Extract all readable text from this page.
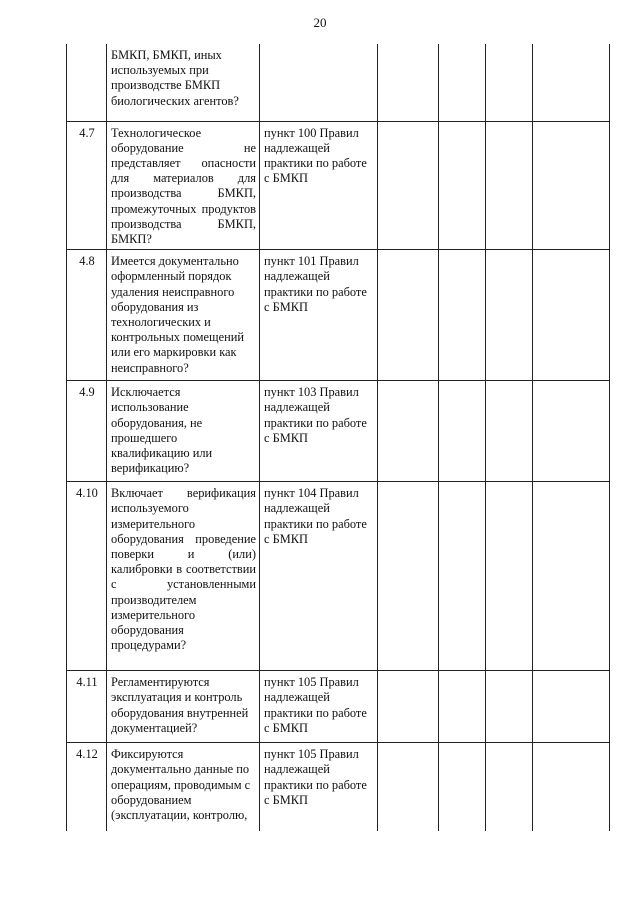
20
	БМКП, БМКП, иных используемых при производстве БМКП биологических агентов?					
4.7	Технологическое оборудование не представляет опасности для материалов для производства БМКП, промежуточных продуктов производства БМКП, БМКП?	пункт 100 Правил надлежащей практики по работе с БМКП				
4.8	Имеется документально оформленный порядок удаления неисправного оборудования из технологических и контрольных помещений или его маркировки как неисправного?	пункт 101 Правил надлежащей практики по работе с БМКП				
4.9	Исключается использование оборудования, не прошедшего квалификацию или верификацию?	пункт 103 Правил надлежащей практики по работе с БМКП				
4.10	Включает верификация используемого измерительного оборудования проведение поверки и (или) калибровки в соответствии с установленными производителем измерительного оборудования процедурами?	пункт 104 Правил надлежащей практики по работе с БМКП				
4.11	Регламентируются эксплуатация и контроль оборудования внутренней документацией?	пункт 105 Правил надлежащей практики по работе с БМКП				
4.12	Фиксируются документально данные по операциям, проводимым с оборудованием (эксплуатации, контролю,	пункт 105 Правил надлежащей практики по работе с БМКП				
